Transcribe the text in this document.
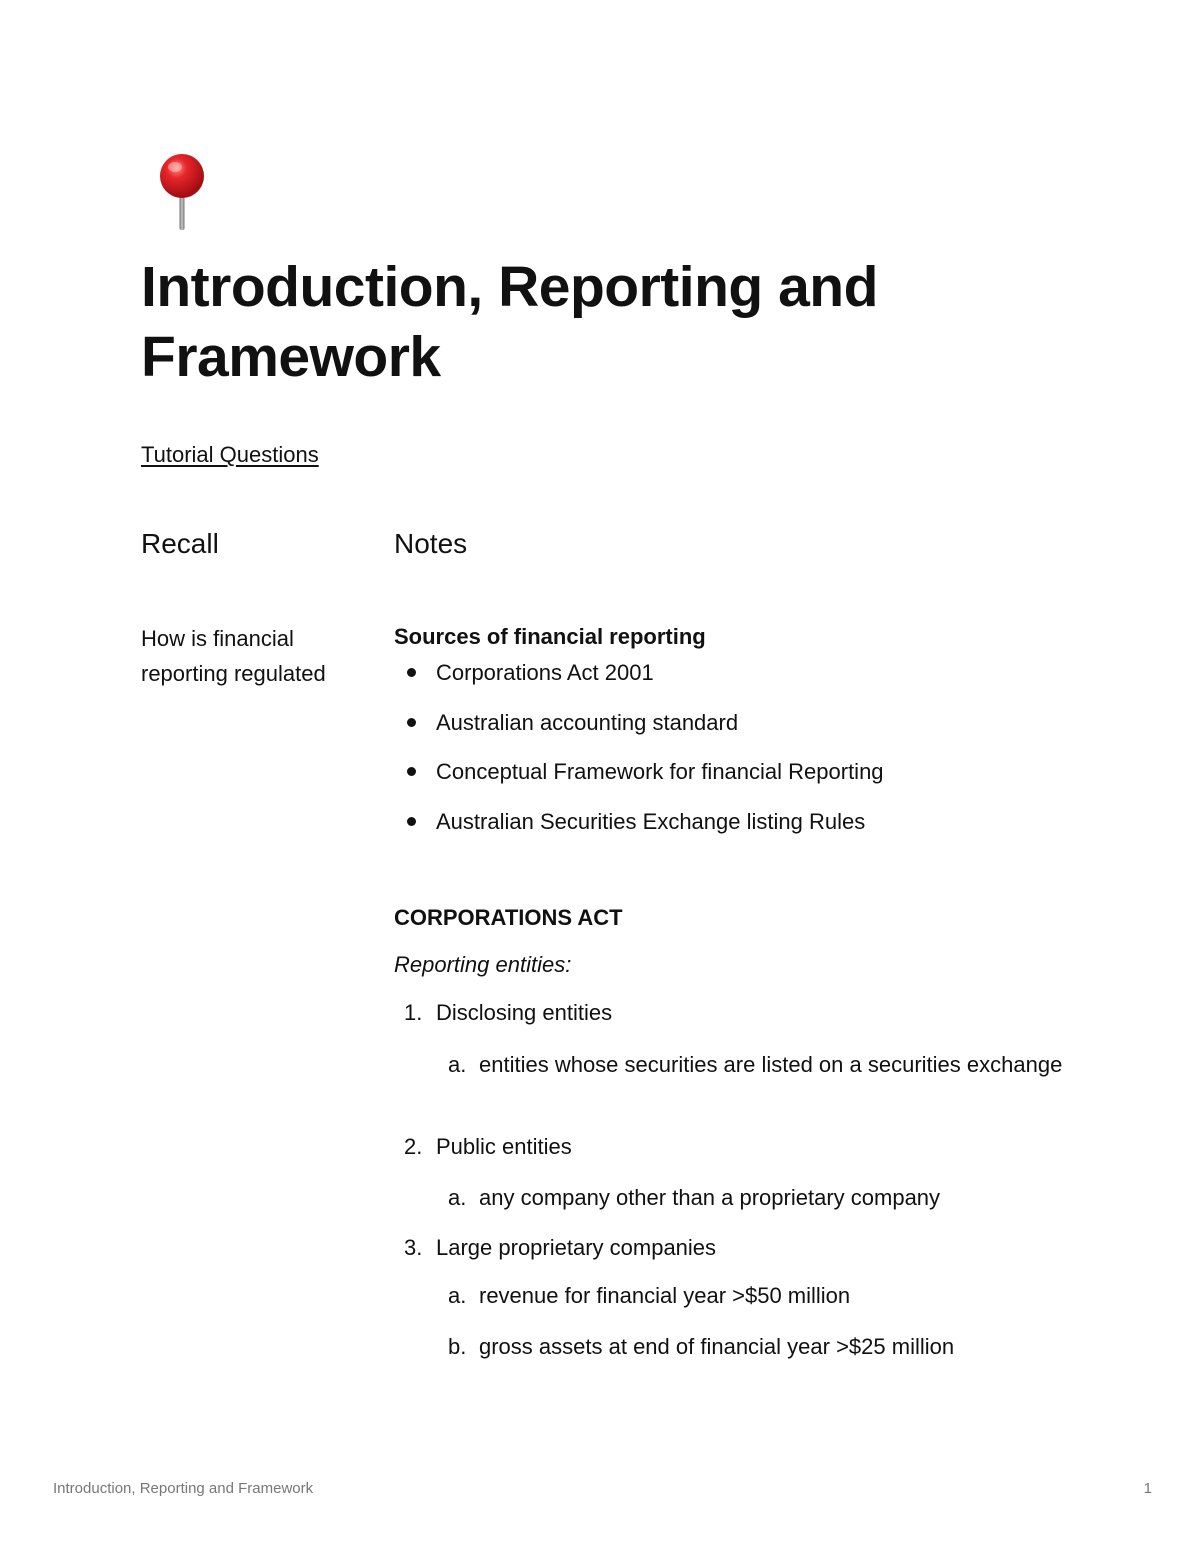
Introduction, Reporting and Framework
Tutorial Questions
Recall	Notes
How is financial reporting regulated
Sources of financial reporting
Corporations Act 2001
Australian accounting standard
Conceptual Framework for financial Reporting
Australian Securities Exchange listing Rules
CORPORATIONS ACT
Reporting entities:
1. Disclosing entities
a. entities whose securities are listed on a securities exchange
2. Public entities
a. any company other than a proprietary company
3. Large proprietary companies
a. revenue for financial year >$50 million
b. gross assets at end of financial year >$25 million
Introduction, Reporting and Framework	1
